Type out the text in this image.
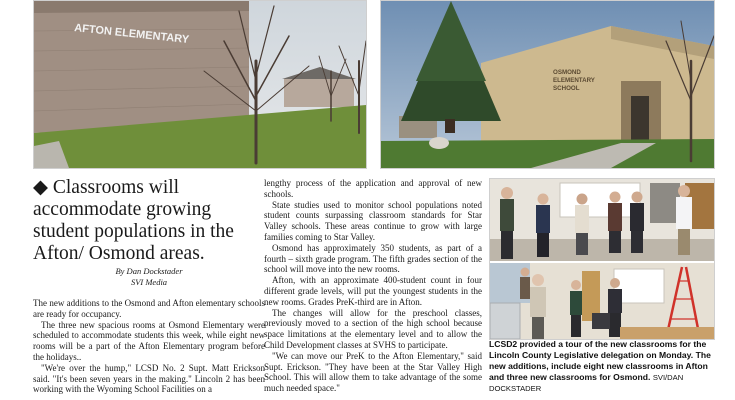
AFTON ELEMENTARY
OSMOND
ELEMENTARY
SCHOOL
◆ Classrooms will accommodate growing student populations in the Afton/ Osmond areas.
By Dan Dockstader
SVI Media

The new additions to the Osmond and Afton elementary schools are ready for occupancy.

The three new spacious rooms at Osmond Elementary were scheduled to accommodate students this week, while eight new rooms will be a part of the Afton Elementary program before the holidays..

"We're over the hump," LCSD No. 2 Supt. Matt Erickson said. "It's been seven years in the making." Lincoln 2 has been working with the Wyoming School Facilities on a

lengthy process of the application and approval of new schools.

State studies used to monitor school populations noted student counts surpassing classroom standards for Star Valley schools. These areas continue to grow with large families coming to Star Valley.

Osmond has approximately 350 students, as part of a fourth – sixth grade program. The fifth grades section of the school will move into the new rooms.

Afton, with an approximate 400-student count in four different grade levels, will put the youngest students in the new rooms. Grades PreK-third are in Afton.

The changes will allow for the preschool classes, previously moved to a section of the high school because space limitations at the elementary level and to allow the Child Development classes at SVHS to participate.

"We can move our PreK to the Afton Elementary," said Supt. Erickson. "They have been at the Star Valley High School. This will allow them to take advantage of the some much needed space."

LCSD2 provided a tour of the new classrooms for the Lincoln County Legislative delegation on Monday. The new additions, include eight new classrooms in Afton and three new classrooms for Osmond. SVI/DAN DOCKSTADER
